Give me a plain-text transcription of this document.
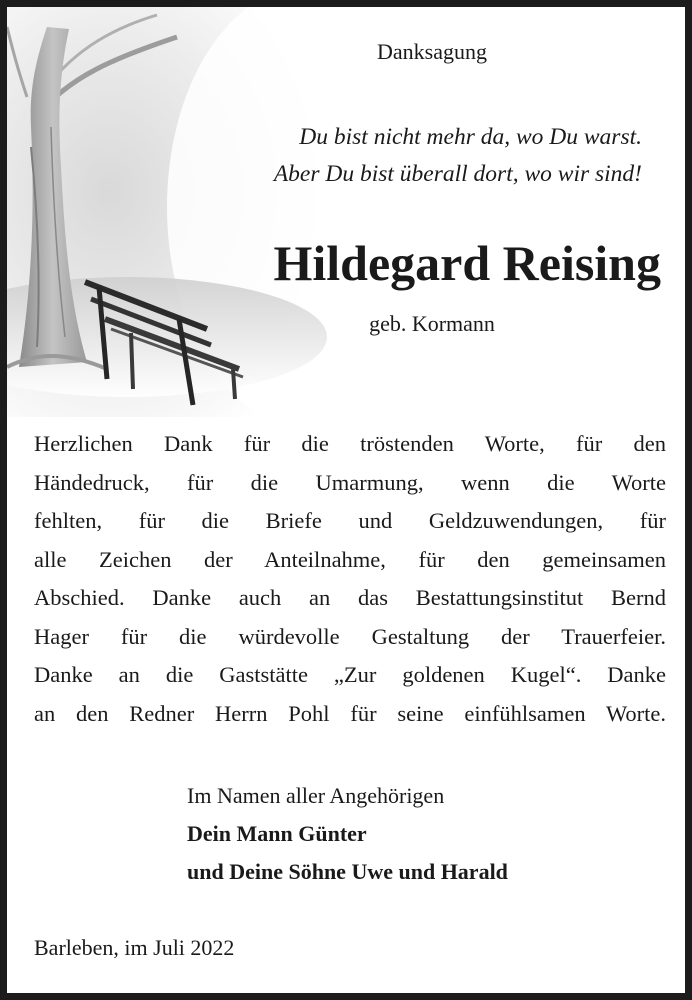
Danksagung
Du bist nicht mehr da, wo Du warst.
Aber Du bist überall dort, wo wir sind!
Hildegard Reising
geb. Kormann
Herzlichen Dank für die tröstenden Worte, für den
Händedruck, für die Umarmung, wenn die Worte
fehlten, für die Briefe und Geldzuwendungen, für
alle Zeichen der Anteilnahme, für den gemeinsamen
Abschied. Danke auch an das Bestattungsinstitut Bernd
Hager für die würdevolle Gestaltung der Trauerfeier.
Danke an die Gaststätte „Zur goldenen Kugel“. Danke
an den Redner Herrn Pohl für seine einfühlsamen Worte.
Im Namen aller Angehörigen
Dein Mann Günter
und Deine Söhne Uwe und Harald
Barleben, im Juli 2022
